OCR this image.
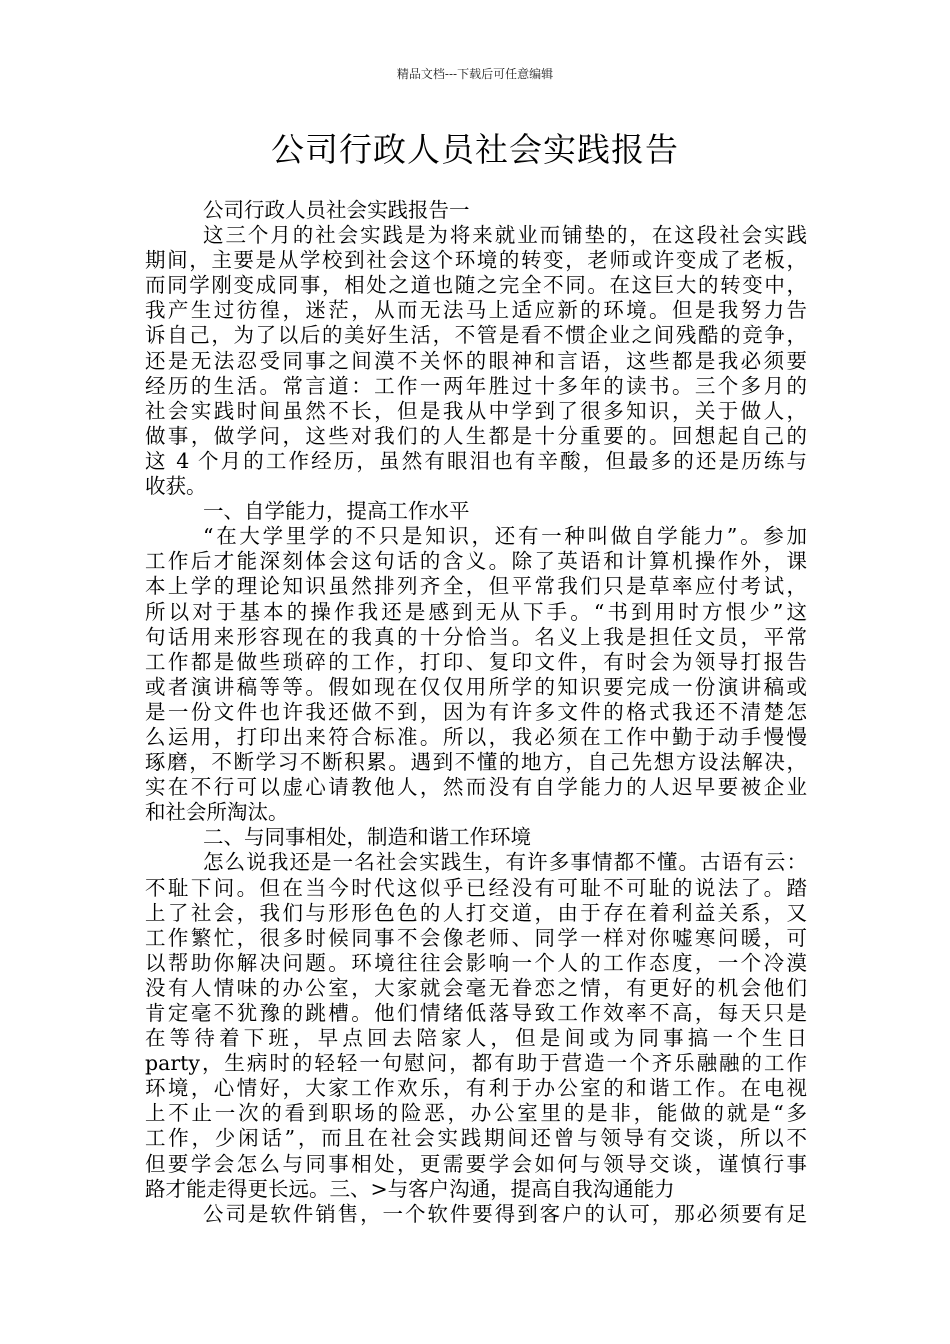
精品文档---下载后可任意编辑
公司行政人员社会实践报告
公司行政人员社会实践报告一
这三个月的社会实践是为将来就业而铺垫的，在这段社会实践
期间，主要是从学校到社会这个环境的转变，老师或许变成了老板，
而同学刚变成同事，相处之道也随之完全不同。在这巨大的转变中，
我产生过彷徨，迷茫，从而无法马上适应新的环境。但是我努力告
诉自己，为了以后的美好生活，不管是看不惯企业之间残酷的竞争，
还是无法忍受同事之间漠不关怀的眼神和言语，这些都是我必须要
经历的生活。常言道：工作一两年胜过十多年的读书。三个多月的
社会实践时间虽然不长，但是我从中学到了很多知识，关于做人，
做事，做学问，这些对我们的人生都是十分重要的。回想起自己的
这 4 个月的工作经历，虽然有眼泪也有辛酸，但最多的还是历练与
收获。
一、自学能力，提高工作水平
“在大学里学的不只是知识，还有一种叫做自学能力”。参加
工作后才能深刻体会这句话的含义。除了英语和计算机操作外，课
本上学的理论知识虽然排列齐全，但平常我们只是草率应付考试，
所以对于基本的操作我还是感到无从下手。“书到用时方恨少”这
句话用来形容现在的我真的十分恰当。名义上我是担任文员，平常
工作都是做些琐碎的工作，打印、复印文件，有时会为领导打报告
或者演讲稿等等。假如现在仅仅用所学的知识要完成一份演讲稿或
是一份文件也许我还做不到，因为有许多文件的格式我还不清楚怎
么运用，打印出来符合标准。所以，我必须在工作中勤于动手慢慢
琢磨，不断学习不断积累。遇到不懂的地方，自己先想方设法解决，
实在不行可以虚心请教他人，然而没有自学能力的人迟早要被企业
和社会所淘汰。
二、与同事相处，制造和谐工作环境
怎么说我还是一名社会实践生，有许多事情都不懂。古语有云：
不耻下问。但在当今时代这似乎已经没有可耻不可耻的说法了。踏
上了社会，我们与形形色色的人打交道，由于存在着利益关系，又
工作繁忙，很多时候同事不会像老师、同学一样对你嘘寒问暖，可
以帮助你解决问题。环境往往会影响一个人的工作态度，一个冷漠
没有人情味的办公室，大家就会毫无眷恋之情，有更好的机会他们
肯定毫不犹豫的跳槽。他们情绪低落导致工作效率不高，每天只是
在等待着下班，早点回去陪家人，但是间或为同事搞一个生日
party，生病时的轻轻一句慰问，都有助于营造一个齐乐融融的工作
环境，心情好，大家工作欢乐，有利于办公室的和谐工作。在电视
上不止一次的看到职场的险恶，办公室里的是非，能做的就是“多
工作，少闲话”，而且在社会实践期间还曾与领导有交谈，所以不
但要学会怎么与同事相处，更需要学会如何与领导交谈，谨慎行事
路才能走得更长远。三、>与客户沟通，提高自我沟通能力
公司是软件销售，一个软件要得到客户的认可，那必须要有足
